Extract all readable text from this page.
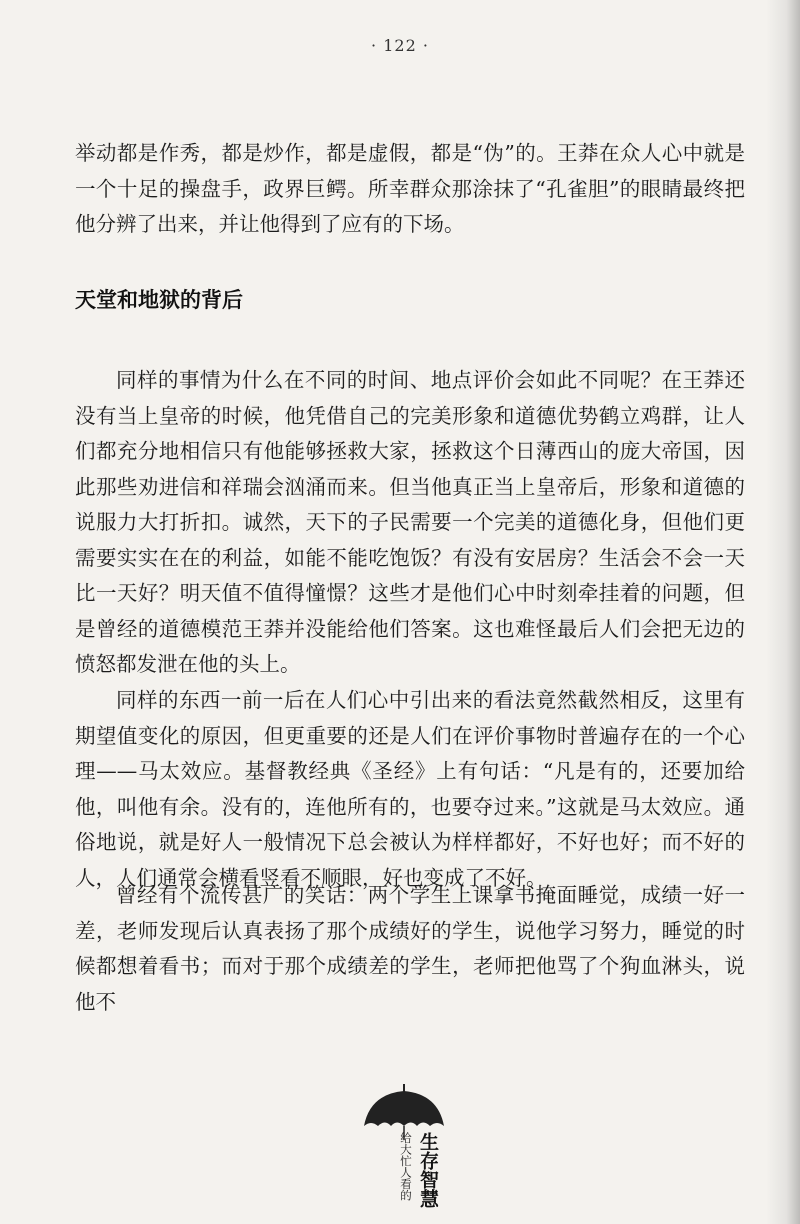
· 122 ·

举动都是作秀，都是炒作，都是虚假，都是“伪”的。王莽在众人心中就是一个十足的操盘手，政界巨鳄。所幸群众那涂抹了“孔雀胆”的眼睛最终把他分辨了出来，并让他得到了应有的下场。

天堂和地狱的背后

同样的事情为什么在不同的时间、地点评价会如此不同呢？在王莽还没有当上皇帝的时候，他凭借自己的完美形象和道德优势鹤立鸡群，让人们都充分地相信只有他能够拯救大家，拯救这个日薄西山的庞大帝国，因此那些劝进信和祥瑞会汹涌而来。但当他真正当上皇帝后，形象和道德的说服力大打折扣。诚然，天下的子民需要一个完美的道德化身，但他们更需要实实在在的利益，如能不能吃饱饭？有没有安居房？生活会不会一天比一天好？明天值不值得憧憬？这些才是他们心中时刻牵挂着的问题，但是曾经的道德模范王莽并没能给他们答案。这也难怪最后人们会把无边的愤怒都发泄在他的头上。

同样的东西一前一后在人们心中引出来的看法竟然截然相反，这里有期望值变化的原因，但更重要的还是人们在评价事物时普遍存在的一个心理——马太效应。基督教经典《圣经》上有句话：“凡是有的，还要加给他，叫他有余。没有的，连他所有的，也要夺过来。”这就是马太效应。通俗地说，就是好人一般情况下总会被认为样样都好，不好也好；而不好的人，人们通常会横看竖看不顺眼，好也变成了不好。

曾经有个流传甚广的笑话：两个学生上课拿书掩面睡觉，成绩一好一差，老师发现后认真表扬了那个成绩好的学生，说他学习努力，睡觉的时候都想着看书；而对于那个成绩差的学生，老师把他骂了个狗血淋头，说他不

给大忙人看的 生存智慧
